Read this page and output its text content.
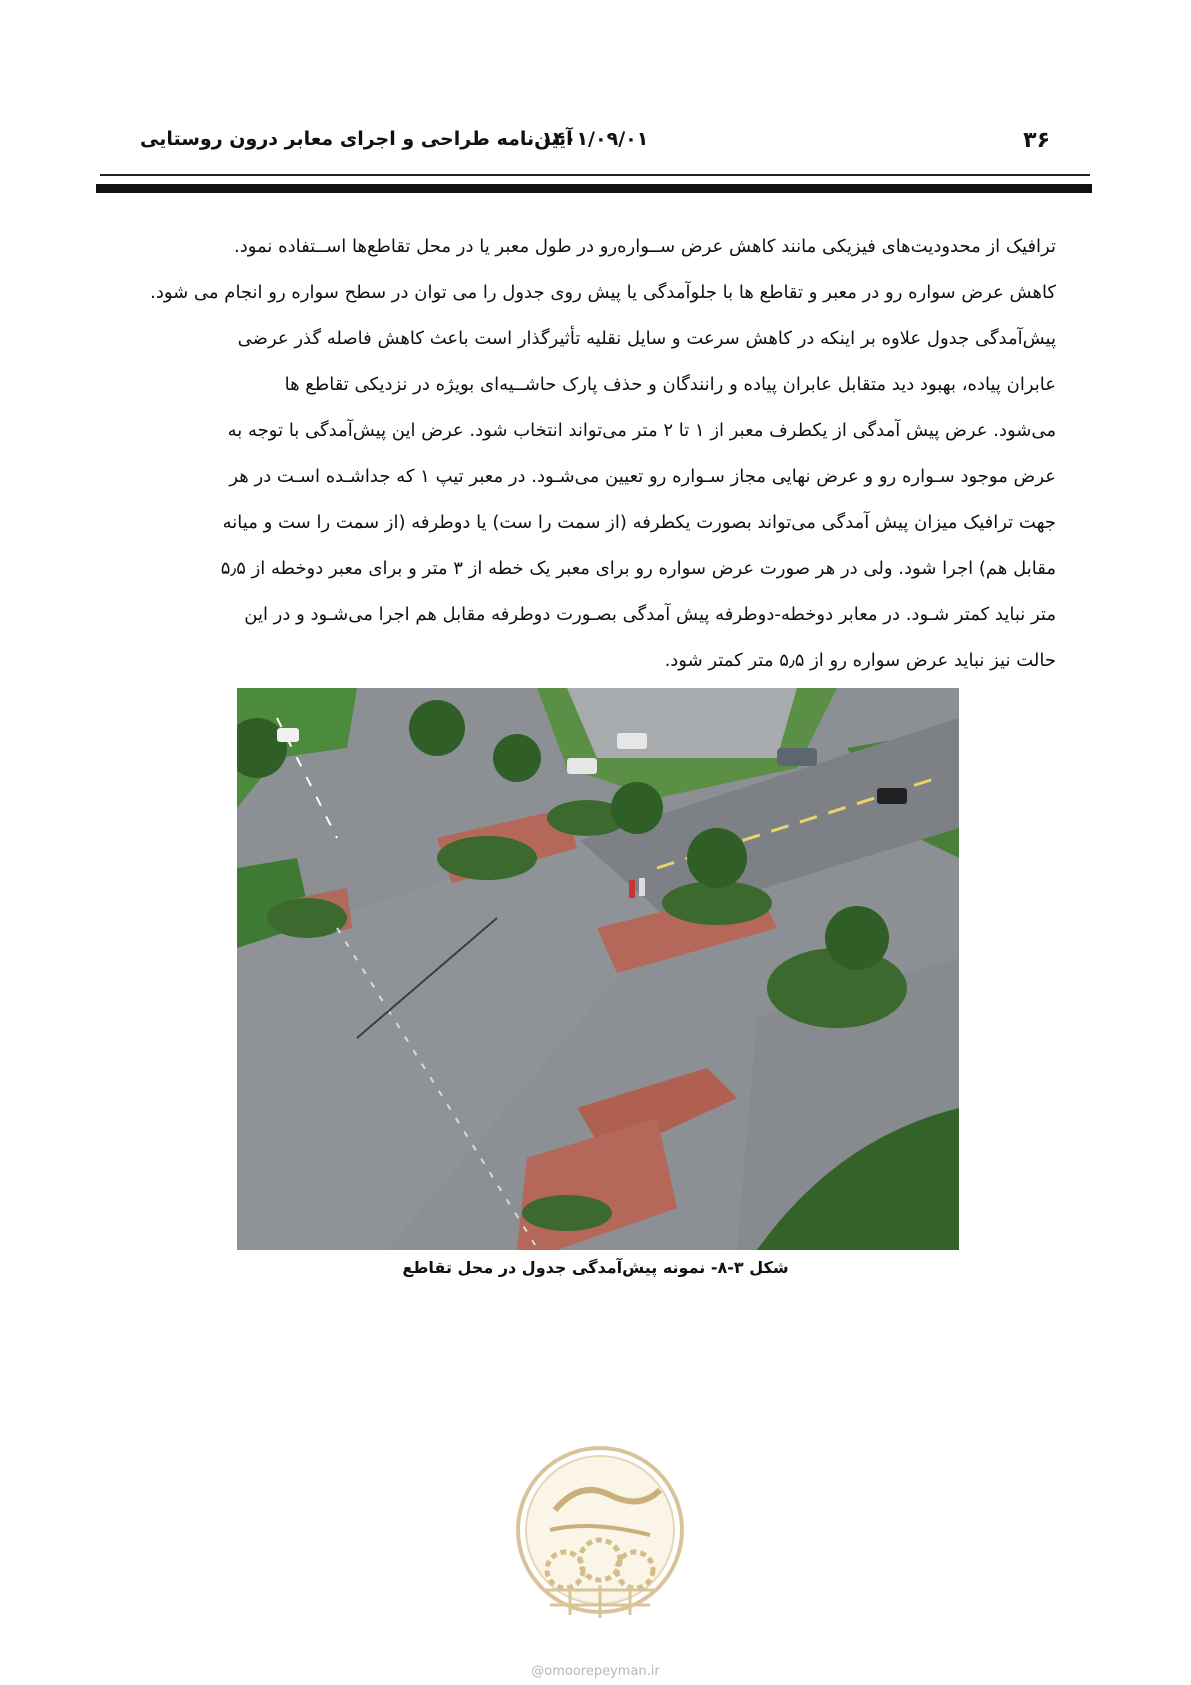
۳۶
۱۴۰۱/۰۹/۰۱
آیین‌نامه طراحی و اجرای معابر درون روستایی
ترافیک از محدودیت‌های فیزیکی مانند کاهش عرض ســواره‌رو در طول معبر یا در محل تقاطع‌ها اســتفاده نمود.
کاهش عرض سواره رو در معبر و تقاطع ها با جلوآمدگی یا پیش روی جدول را می توان در سطح سواره رو انجام می شود.
پیش‌آمدگی جدول علاوه بر اینکه در کاهش سرعت و سایل نقلیه تأثیرگذار است باعث کاهش فاصله گذر عرضی
عابران پیاده، بهبود دید متقابل عابران پیاده و رانندگان و حذف پارک حاشــیه‌ای بویژه در نزدیکی تقاطع ها
می‌شود. عرض پیش آمدگی از یکطرف معبر از ۱ تا ۲ متر می‌تواند انتخاب شود. عرض این پیش‌آمدگی با توجه به
عرض موجود سـواره رو و عرض نهایی مجاز سـواره رو تعیین می‌شـود. در معبر تیپ ۱ که جداشـده اسـت در هر
جهت ترافیک میزان پیش آمدگی می‌تواند بصورت یکطرفه (از سمت را ست) یا دوطرفه (از سمت را ست و میانه
مقابل هم) اجرا شود. ولی در هر صورت عرض سواره رو برای معبر یک خطه از ۳ متر و برای معبر دوخطه از ۵٫۵
متر نباید کمتر شـود. در معابر دوخطه-دوطرفه پیش آمدگی بصـورت دوطرفه مقابل هم اجرا می‌شـود و در این
حالت نیز نباید عرض سواره رو از ۵٫۵ متر کمتر شود.
شکل ۳-۸- نمونه پیش‌آمدگی جدول در محل تقاطع
@omoorepeyman.ir
